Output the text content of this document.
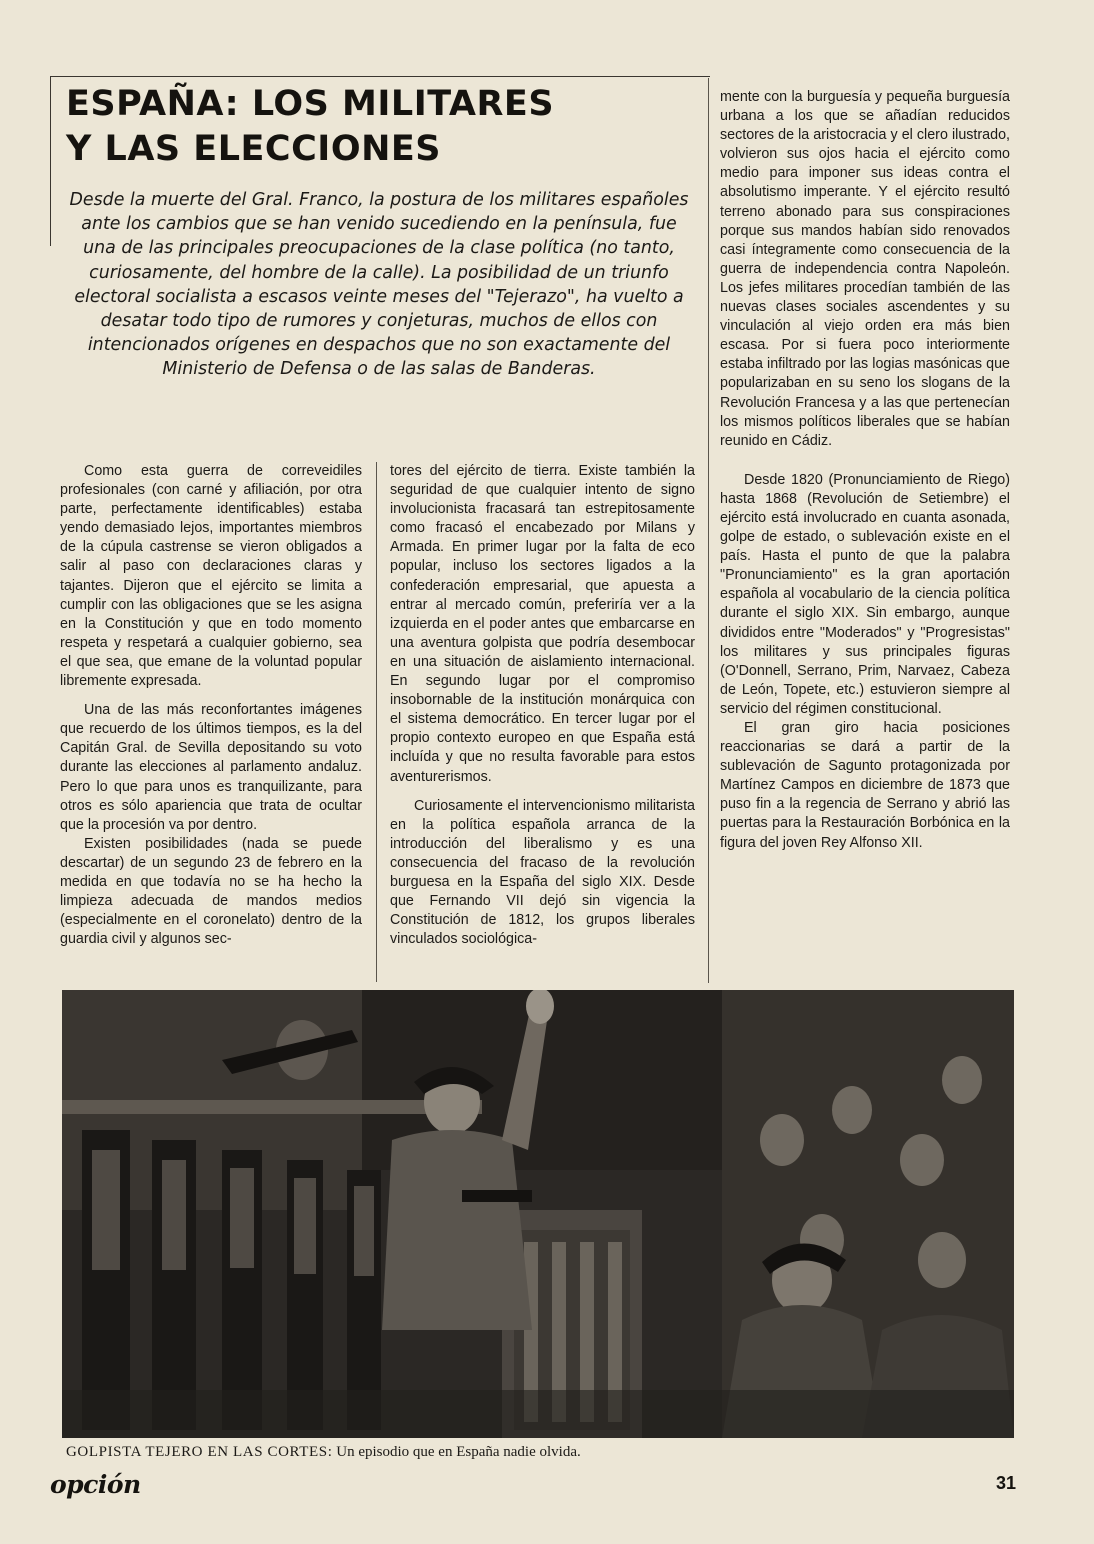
ESPAÑA: LOS MILITARES
Y LAS ELECCIONES

Desde la muerte del Gral. Franco, la postura de los militares españoles ante los cambios que se han venido sucediendo en la península, fue una de las principales preocupaciones de la clase política (no tanto, curiosamente, del hombre de la calle). La posibilidad de un triunfo electoral socialista a escasos veinte meses del "Tejerazo", ha vuelto a desatar todo tipo de rumores y conjeturas, muchos de ellos con intencionados orígenes en despachos que no son exactamente del Ministerio de Defensa o de las salas de Banderas.

Como esta guerra de correveidiles profesionales (con carné y afiliación, por otra parte, perfectamente identificables) estaba yendo demasiado lejos, importantes miembros de la cúpula castrense se vieron obligados a salir al paso con declaraciones claras y tajantes. Dijeron que el ejército se limita a cumplir con las obligaciones que se les asigna en la Constitución y que en todo momento respeta y respetará a cualquier gobierno, sea el que sea, que emane de la voluntad popular libremente expresada.

Una de las más reconfortantes imágenes que recuerdo de los últimos tiempos, es la del Capitán Gral. de Sevilla depositando su voto durante las elecciones al parlamento andaluz. Pero lo que para unos es tranquilizante, para otros es sólo apariencia que trata de ocultar que la procesión va por dentro.

Existen posibilidades (nada se puede descartar) de un segundo 23 de febrero en la medida en que todavía no se ha hecho la limpieza adecuada de mandos medios (especialmente en el coronelato) dentro de la guardia civil y algunos sec-

tores del ejército de tierra. Existe también la seguridad de que cualquier intento de signo involucionista fracasará tan estrepitosamente como fracasó el encabezado por Milans y Armada. En primer lugar por la falta de eco popular, incluso los sectores ligados a la confederación empresarial, que apuesta a entrar al mercado común, preferiría ver a la izquierda en el poder antes que embarcarse en una aventura golpista que podría desembocar en una situación de aislamiento internacional. En segundo lugar por el compromiso insobornable de la institución monárquica con el sistema democrático. En tercer lugar por el propio contexto europeo en que España está incluída y que no resulta favorable para estos aventurerismos.

Curiosamente el intervencionismo militarista en la política española arranca de la introducción del liberalismo y es una consecuencia del fracaso de la revolución burguesa en la España del siglo XIX. Desde que Fernando VII dejó sin vigencia la Constitución de 1812, los grupos liberales vinculados sociológica-

mente con la burguesía y pequeña burguesía urbana a los que se añadían reducidos sectores de la aristocracia y el clero ilustrado, volvieron sus ojos hacia el ejército como medio para imponer sus ideas contra el absolutismo imperante. Y el ejército resultó terreno abonado para sus conspiraciones porque sus mandos habían sido renovados casi íntegramente como consecuencia de la guerra de independencia contra Napoleón. Los jefes militares procedían también de las nuevas clases sociales ascendentes y su vinculación al viejo orden era más bien escasa. Por si fuera poco interiormente estaba infiltrado por las logias masónicas que popularizaban en su seno los slogans de la Revolución Francesa y a las que pertenecían los mismos políticos liberales que se habían reunido en Cádiz.

Desde 1820 (Pronunciamiento de Riego) hasta 1868 (Revolución de Setiembre) el ejército está involucrado en cuanta asonada, golpe de estado, o sublevación existe en el país. Hasta el punto de que la palabra "Pronunciamiento" es la gran aportación española al vocabulario de la ciencia política durante el siglo XIX. Sin embargo, aunque divididos entre "Moderados" y "Progresistas" los militares y sus principales figuras (O'Donnell, Serrano, Prim, Narvaez, Cabeza de León, Topete, etc.) estuvieron siempre al servicio del régimen constitucional.

El gran giro hacia posiciones reaccionarias se dará a partir de la sublevación de Sagunto protagonizada por Martínez Campos en diciembre de 1873 que puso fin a la regencia de Serrano y abrió las puertas para la Restauración Borbónica en la figura del joven Rey Alfonso XII.

GOLPISTA TEJERO EN LAS CORTES: Un episodio que en España nadie olvida.

opción	31
